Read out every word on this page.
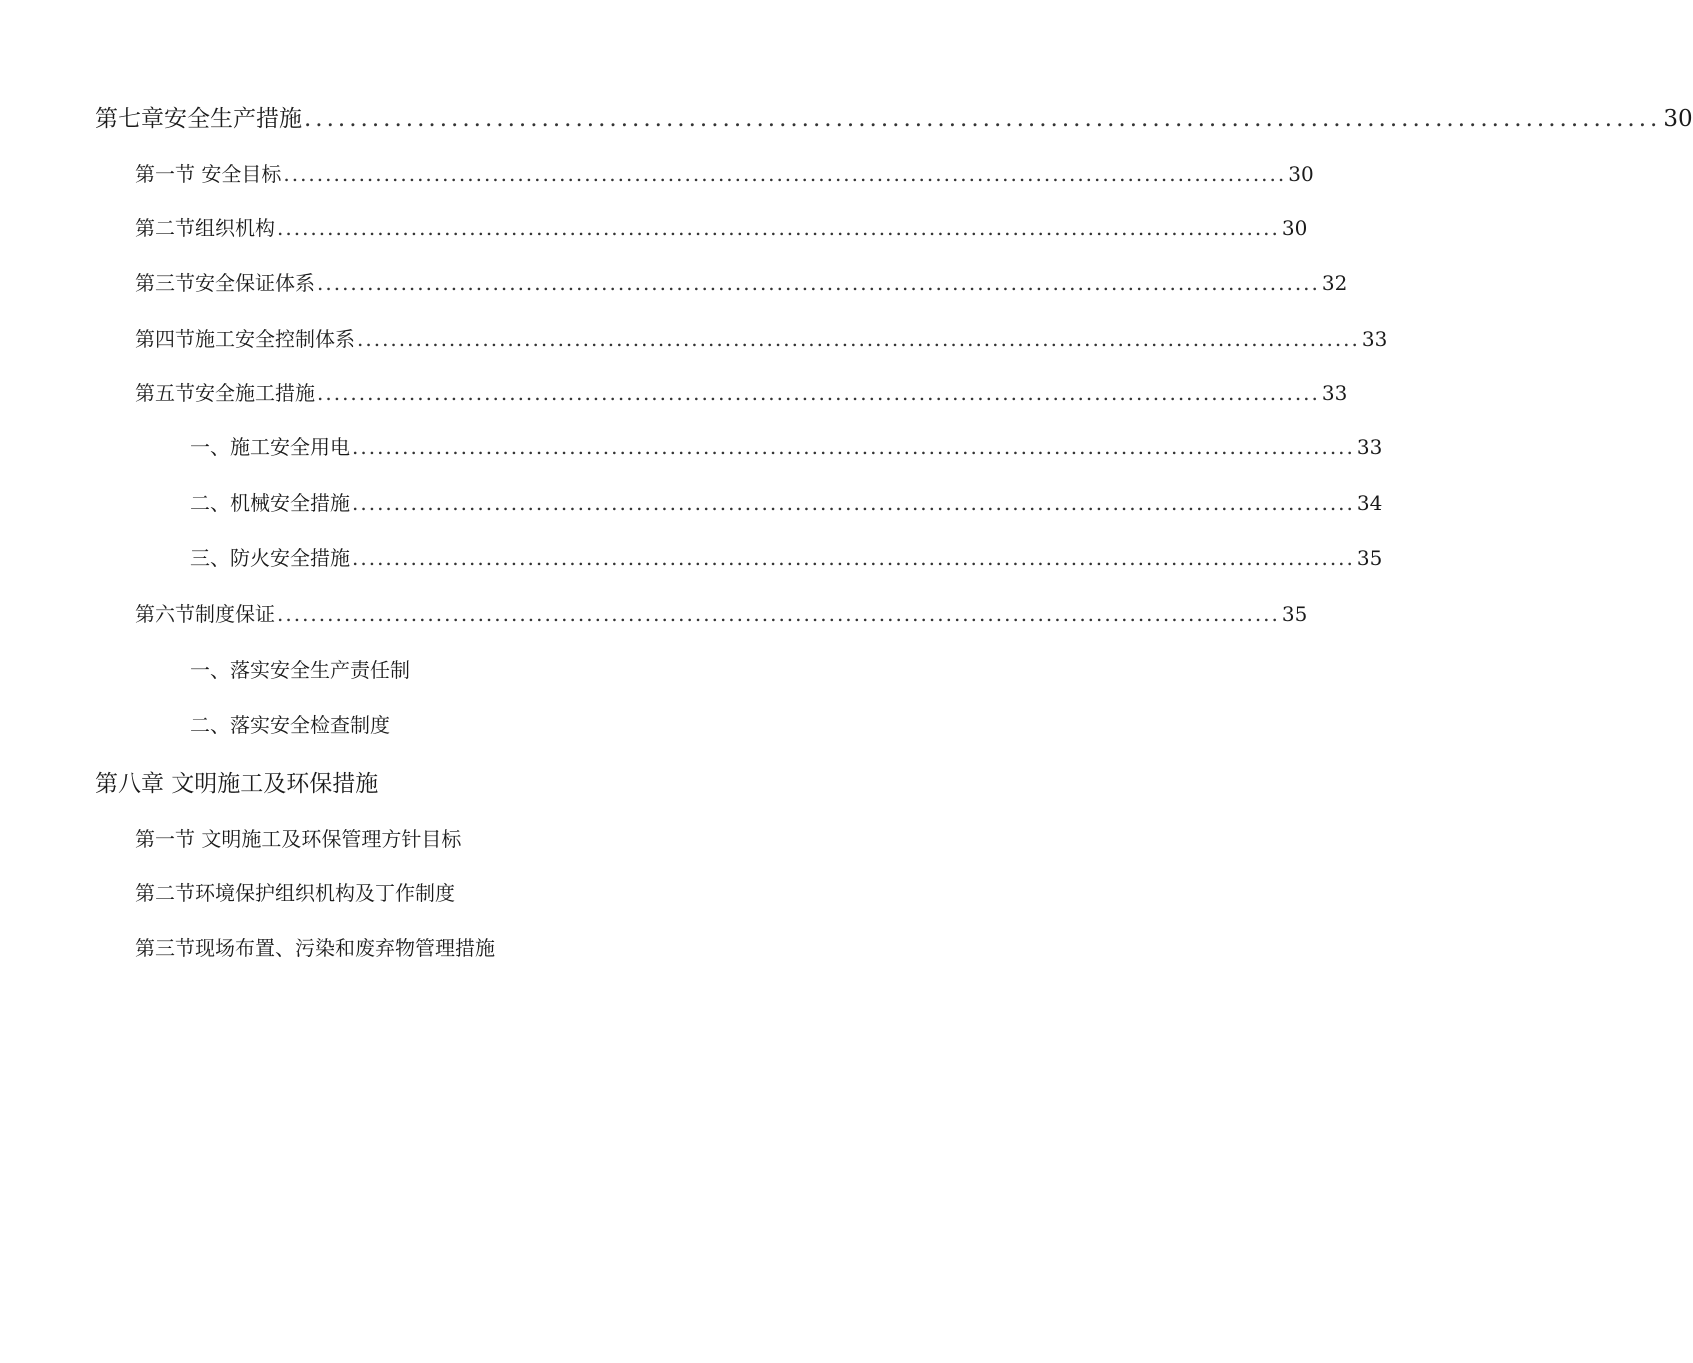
第七章安全生产措施 ........................................................................................................................ 30
第一节 安全目标 ........................................................................................................................ 30
第二节组织机构 ........................................................................................................................ 30
第三节安全保证体系 ........................................................................................................................ 32
第四节施工安全控制体系 ........................................................................................................................ 33
第五节安全施工措施 ........................................................................................................................ 33
一、施工安全用电 ........................................................................................................................ 33
二、机械安全措施 ........................................................................................................................ 34
三、防火安全措施 ........................................................................................................................ 35
第六节制度保证 ........................................................................................................................ 35
一、落实安全生产责任制
二、落实安全检查制度
第八章 文明施工及环保措施
第一节 文明施工及环保管理方针目标
第二节环境保护组织机构及丁作制度
第三节现场布置、污染和废弃物管理措施
